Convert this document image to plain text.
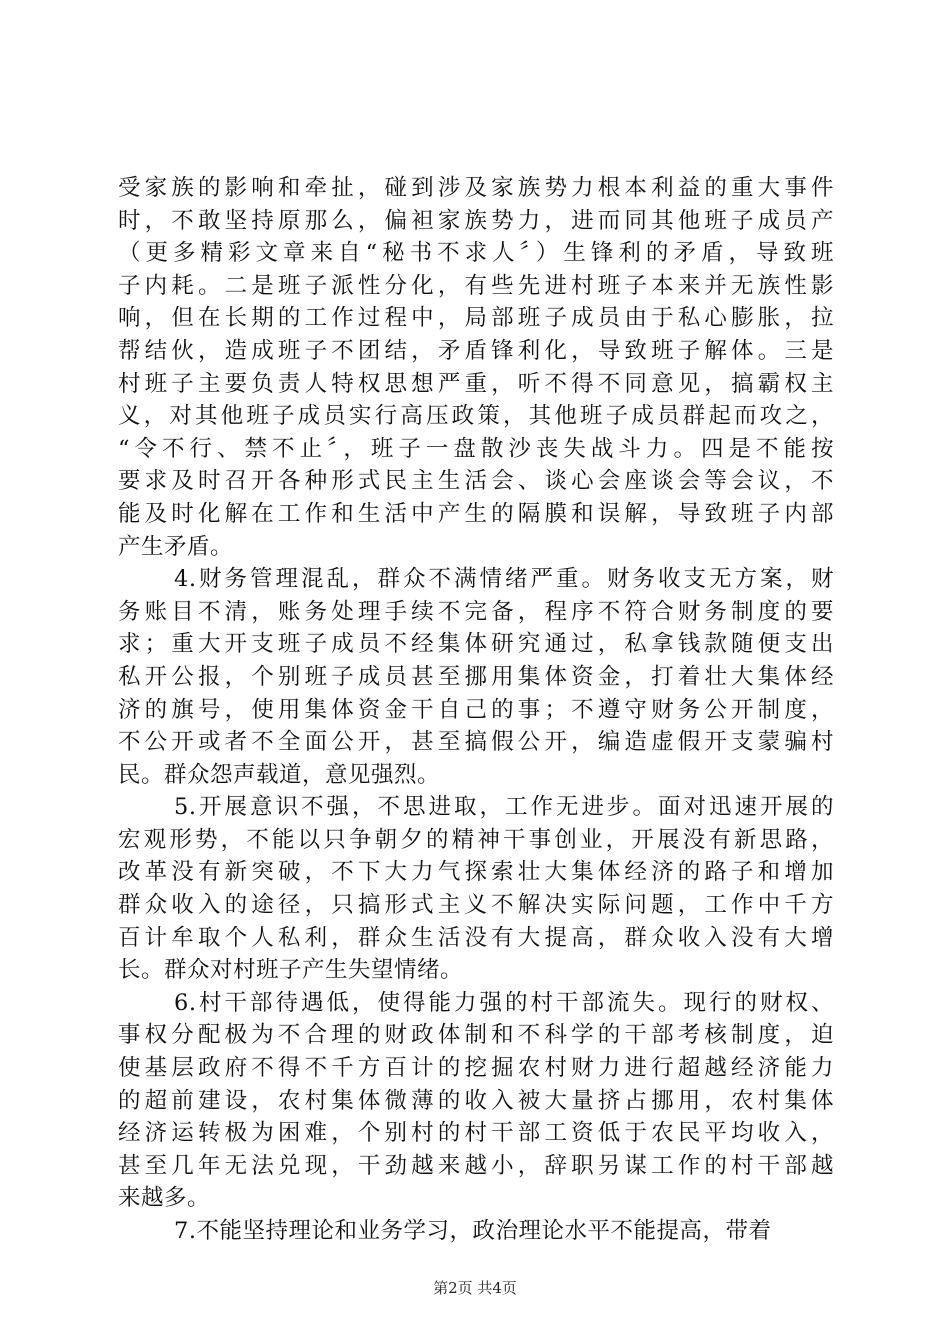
受家族的影响和牵扯，碰到涉及家族势力根本利益的重大事件
时，不敢坚持原那么，偏袒家族势力，进而同其他班子成员产
（更多精彩文章来自“秘书不求人〞）生锋利的矛盾，导致班
子内耗。二是班子派性分化，有些先进村班子本来并无族性影
响，但在长期的工作过程中，局部班子成员由于私心膨胀，拉
帮结伙，造成班子不团结，矛盾锋利化，导致班子解体。三是
村班子主要负责人特权思想严重，听不得不同意见，搞霸权主
义，对其他班子成员实行高压政策，其他班子成员群起而攻之，
“令不行、禁不止〞，班子一盘散沙丧失战斗力。四是不能按
要求及时召开各种形式民主生活会、谈心会座谈会等会议，不
能及时化解在工作和生活中产生的隔膜和误解，导致班子内部
产生矛盾。
4.财务管理混乱，群众不满情绪严重。财务收支无方案，财
务账目不清，账务处理手续不完备，程序不符合财务制度的要
求；重大开支班子成员不经集体研究通过，私拿钱款随便支出
私开公报，个别班子成员甚至挪用集体资金，打着壮大集体经
济的旗号，使用集体资金干自己的事；不遵守财务公开制度，
不公开或者不全面公开，甚至搞假公开，编造虚假开支蒙骗村
民。群众怨声载道，意见强烈。
5.开展意识不强，不思进取，工作无进步。面对迅速开展的
宏观形势，不能以只争朝夕的精神干事创业，开展没有新思路，
改革没有新突破，不下大力气探索壮大集体经济的路子和增加
群众收入的途径，只搞形式主义不解决实际问题，工作中千方
百计牟取个人私利，群众生活没有大提高，群众收入没有大增
长。群众对村班子产生失望情绪。
6.村干部待遇低，使得能力强的村干部流失。现行的财权、
事权分配极为不合理的财政体制和不科学的干部考核制度，迫
使基层政府不得不千方百计的挖掘农村财力进行超越经济能力
的超前建设，农村集体微薄的收入被大量挤占挪用，农村集体
经济运转极为困难，个别村的村干部工资低于农民平均收入，
甚至几年无法兑现，干劲越来越小，辞职另谋工作的村干部越
来越多。
7.不能坚持理论和业务学习，政治理论水平不能提高，带着
第2页 共4页
